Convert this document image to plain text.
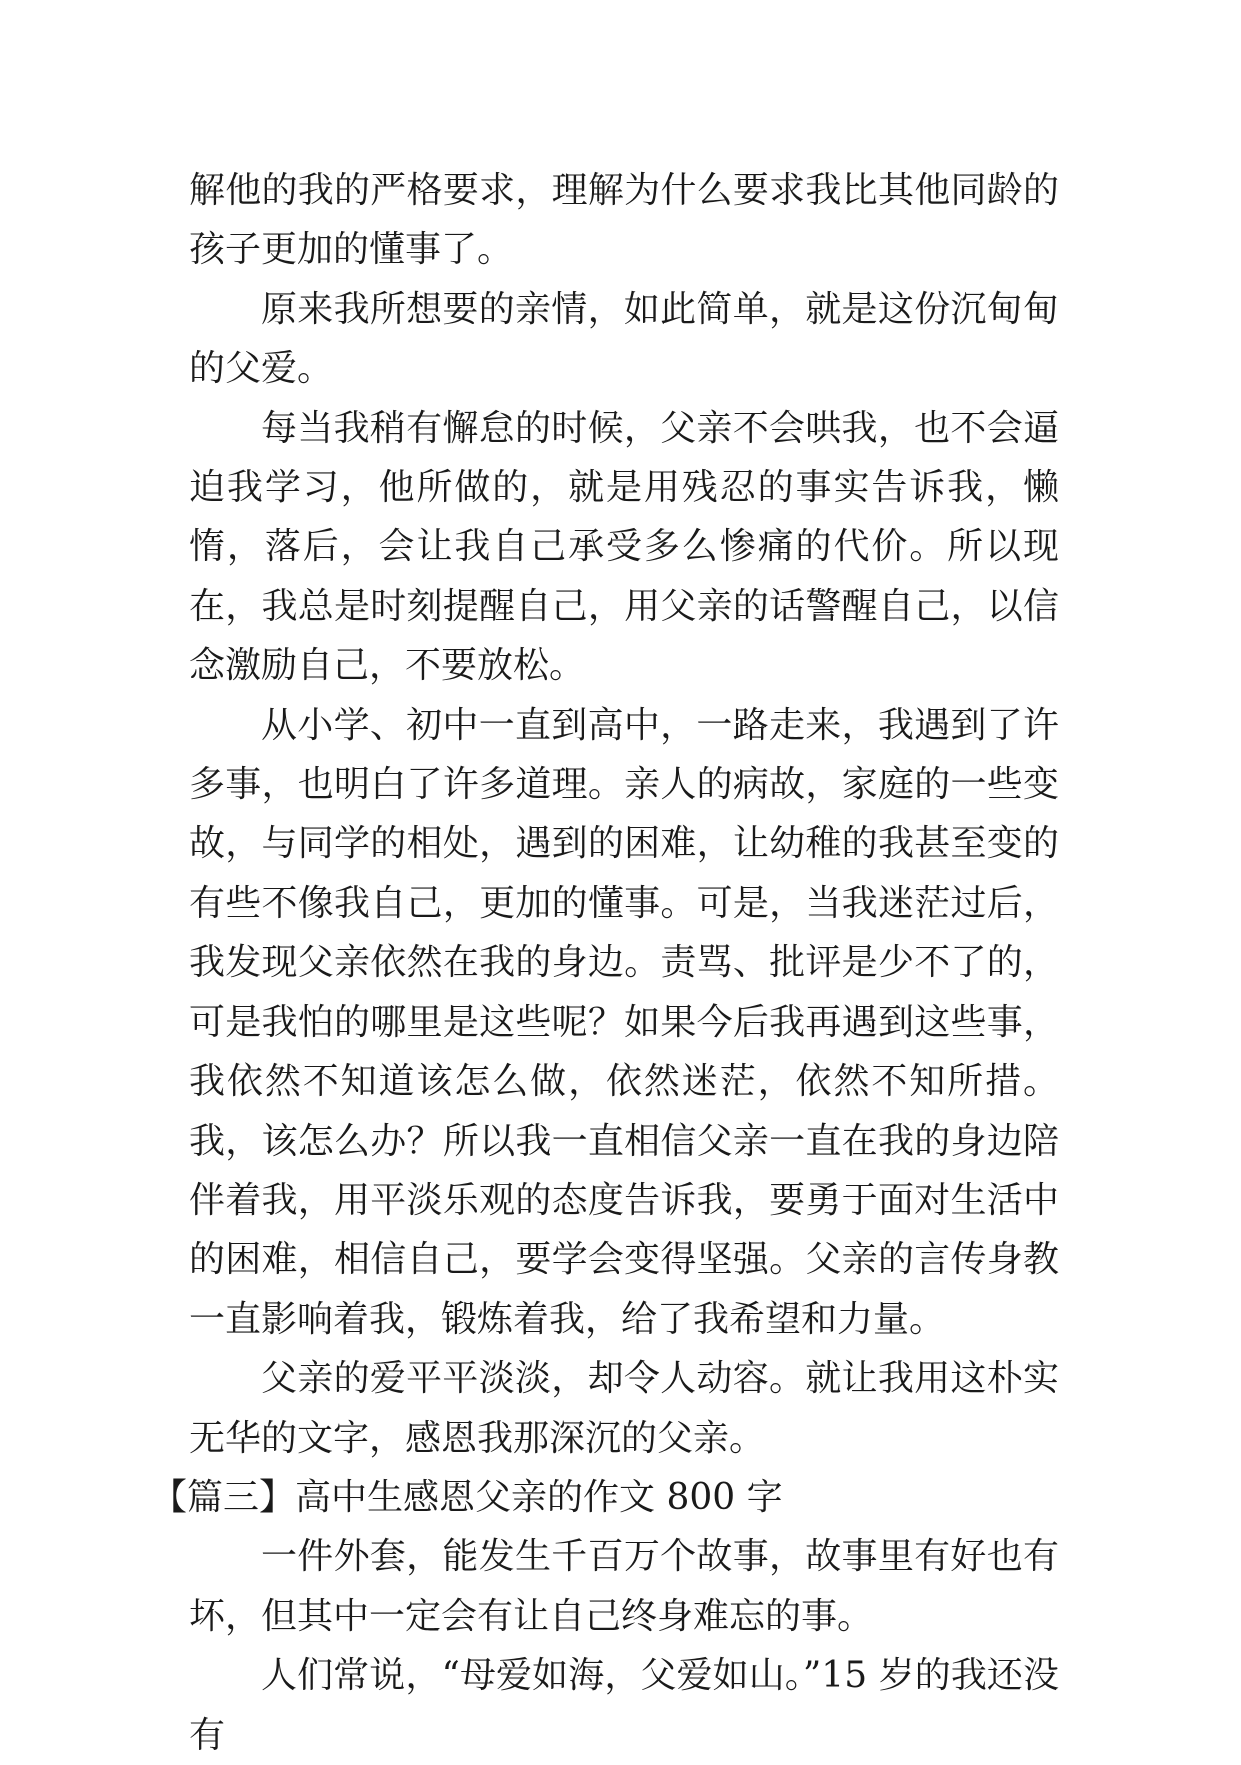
解他的我的严格要求，理解为什么要求我比其他同龄的孩子更加的懂事了。

原来我所想要的亲情，如此简单，就是这份沉甸甸的父爱。

每当我稍有懈怠的时候，父亲不会哄我，也不会逼迫我学习，他所做的，就是用残忍的事实告诉我，懒惰，落后，会让我自己承受多么惨痛的代价。所以现在，我总是时刻提醒自己，用父亲的话警醒自己，以信念激励自己，不要放松。

从小学、初中一直到高中，一路走来，我遇到了许多事，也明白了许多道理。亲人的病故，家庭的一些变故，与同学的相处，遇到的困难，让幼稚的我甚至变的有些不像我自己，更加的懂事。可是，当我迷茫过后，我发现父亲依然在我的身边。责骂、批评是少不了的，可是我怕的哪里是这些呢？如果今后我再遇到这些事，我依然不知道该怎么做，依然迷茫，依然不知所措。我，该怎么办？所以我一直相信父亲一直在我的身边陪伴着我，用平淡乐观的态度告诉我，要勇于面对生活中的困难，相信自己，要学会变得坚强。父亲的言传身教一直影响着我，锻炼着我，给了我希望和力量。

父亲的爱平平淡淡，却令人动容。就让我用这朴实无华的文字，感恩我那深沉的父亲。

【篇三】高中生感恩父亲的作文 800 字

一件外套，能发生千百万个故事，故事里有好也有坏，但其中一定会有让自己终身难忘的事。

人们常说，“母爱如海，父爱如山。”15 岁的我还没有
